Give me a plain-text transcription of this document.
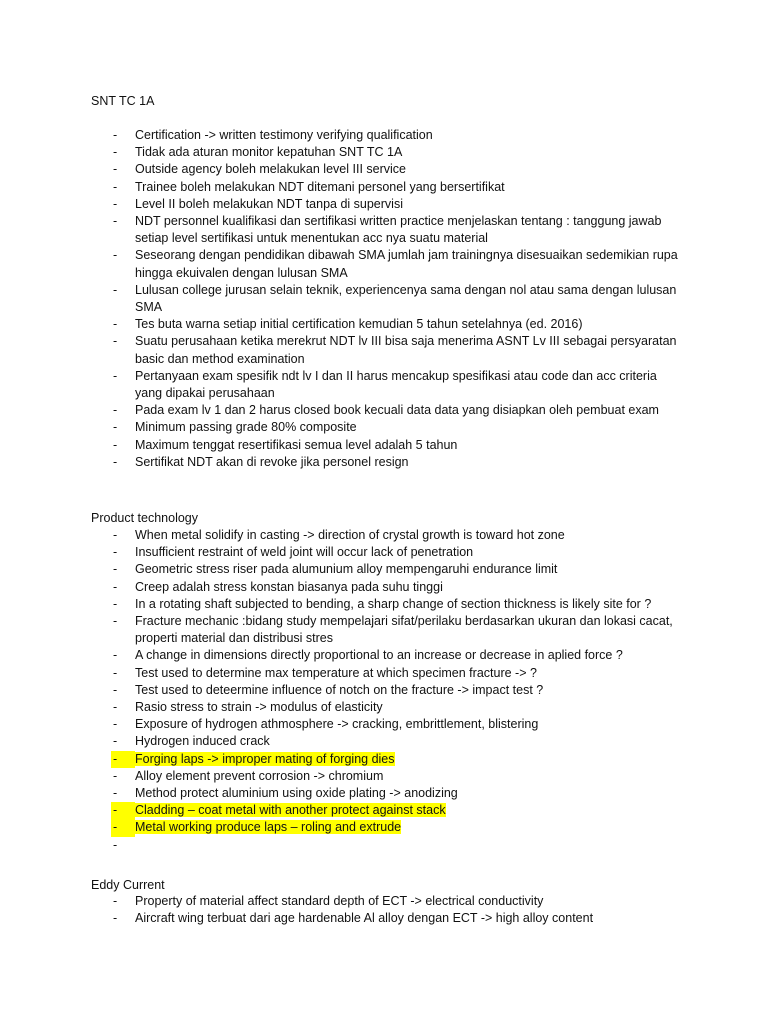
SNT TC 1A
-	Certification -> written testimony verifying qualification
-	Tidak ada aturan monitor kepatuhan SNT TC 1A
-	Outside agency boleh melakukan level III service
-	Trainee boleh melakukan NDT ditemani personel yang bersertifikat
-	Level II boleh melakukan NDT tanpa di supervisi
-	NDT personnel kualifikasi dan sertifikasi written practice menjelaskan tentang : tanggung jawab setiap level sertifikasi untuk menentukan acc nya suatu material
-	Seseorang dengan pendidikan dibawah SMA jumlah jam trainingnya disesuaikan sedemikian rupa hingga ekuivalen dengan lulusan SMA
-	Lulusan college jurusan selain teknik, experiencenya sama dengan nol atau sama dengan lulusan SMA
-	Tes buta warna setiap initial certification kemudian 5 tahun setelahnya (ed. 2016)
-	Suatu perusahaan ketika merekrut NDT lv III bisa saja menerima ASNT Lv III sebagai persyaratan basic dan method examination
-	Pertanyaan exam spesifik ndt lv I dan II harus mencakup spesifikasi atau code dan acc criteria yang dipakai perusahaan
-	Pada exam lv 1 dan 2 harus closed book kecuali data data yang disiapkan oleh pembuat exam
-	Minimum passing grade 80% composite
-	Maximum tenggat resertifikasi semua level adalah 5 tahun
-	Sertifikat NDT akan di revoke jika personel resign
Product technology
-	When metal solidify in casting -> direction of crystal growth is toward hot zone
-	Insufficient restraint of weld joint will occur lack of penetration
-	Geometric stress riser pada alumunium alloy mempengaruhi endurance limit
-	Creep adalah stress konstan biasanya pada suhu tinggi
-	In a rotating shaft subjected to bending, a sharp change of section thickness is likely site for ?
-	Fracture mechanic :bidang study mempelajari sifat/perilaku berdasarkan ukuran dan lokasi cacat, properti material dan distribusi stres
-	A change in dimensions directly proportional to an increase or decrease in aplied force ?
-	Test used to determine max temperature at which specimen fracture -> ?
-	Test used to deteermine influence of notch on the fracture -> impact test ?
-	Rasio stress to strain -> modulus of elasticity
-	Exposure of hydrogen athmosphere -> cracking, embrittlement, blistering
-	Hydrogen induced crack
-	Forging laps -> improper mating of forging dies
-	Alloy element prevent corrosion -> chromium
-	Method protect aluminium using oxide plating -> anodizing
-	Cladding – coat metal with another protect against stack
-	Metal working produce laps – roling and extrude
-
Eddy Current
-	Property of material affect standard depth of ECT -> electrical conductivity
-	Aircraft wing terbuat dari age hardenable Al alloy dengan ECT -> high alloy content
